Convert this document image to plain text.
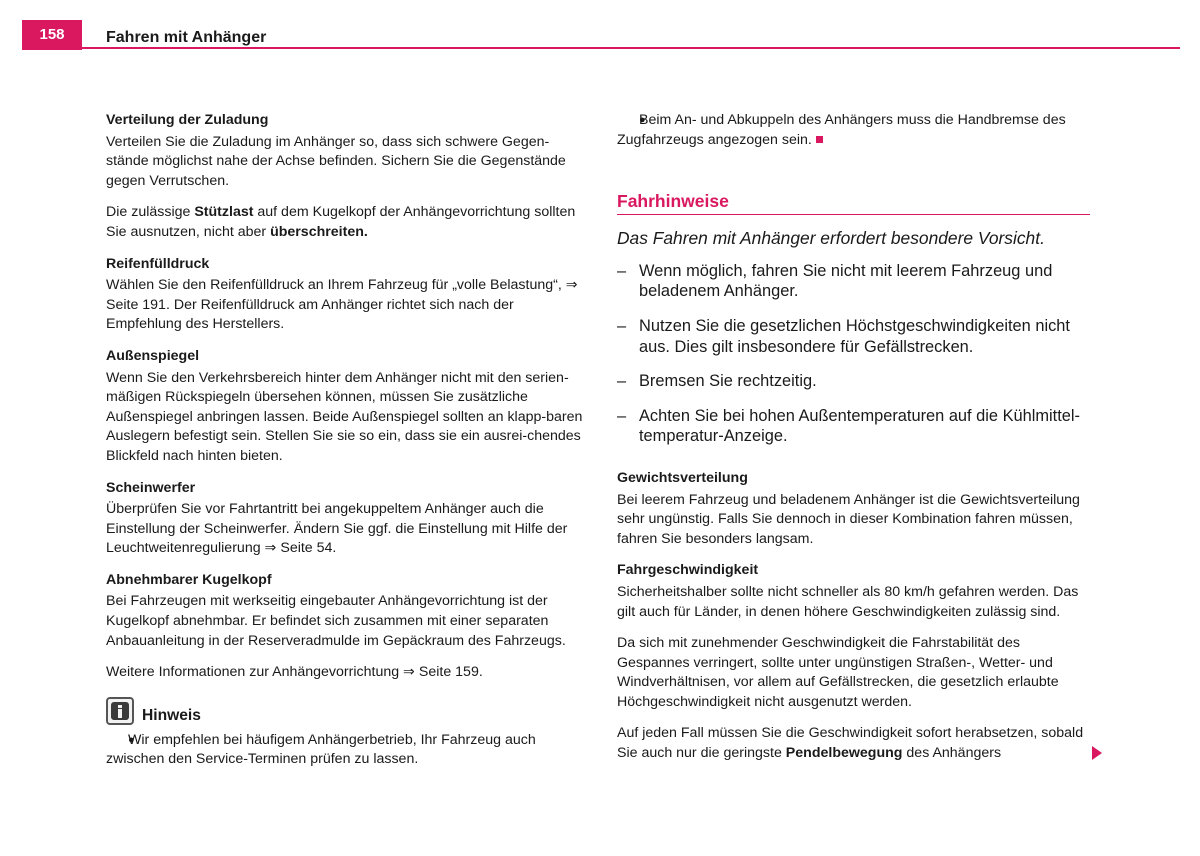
158	Fahren mit Anhänger
Verteilung der Zuladung
Verteilen Sie die Zuladung im Anhänger so, dass sich schwere Gegen-stände möglichst nahe der Achse befinden. Sichern Sie die Gegenstände gegen Verrutschen.
Die zulässige Stützlast auf dem Kugelkopf der Anhängevorrichtung sollten Sie ausnutzen, nicht aber überschreiten.
Reifenfülldruck
Wählen Sie den Reifenfülldruck an Ihrem Fahrzeug für „volle Belastung“, ⇒ Seite 191. Der Reifenfülldruck am Anhänger richtet sich nach der Empfehlung des Herstellers.
Außenspiegel
Wenn Sie den Verkehrsbereich hinter dem Anhänger nicht mit den serien-mäßigen Rückspiegeln übersehen können, müssen Sie zusätzliche Außenspiegel anbringen lassen. Beide Außenspiegel sollten an klapp-baren Auslegern befestigt sein. Stellen Sie sie so ein, dass sie ein ausrei-chendes Blickfeld nach hinten bieten.
Scheinwerfer
Überprüfen Sie vor Fahrtantritt bei angekuppeltem Anhänger auch die Einstellung der Scheinwerfer. Ändern Sie ggf. die Einstellung mit Hilfe der Leuchtweitenregulierung ⇒ Seite 54.
Abnehmbarer Kugelkopf
Bei Fahrzeugen mit werkseitig eingebauter Anhängevorrichtung ist der Kugelkopf abnehmbar. Er befindet sich zusammen mit einer separaten Anbauanleitung in der Reserveradmulde im Gepäckraum des Fahrzeugs.
Weitere Informationen zur Anhängevorrichtung ⇒ Seite 159.
Hinweis
● Wir empfehlen bei häufigem Anhängerbetrieb, Ihr Fahrzeug auch zwischen den Service-Terminen prüfen zu lassen.
● Beim An- und Abkuppeln des Anhängers muss die Handbremse des Zugfahrzeugs angezogen sein.
Fahrhinweise
Das Fahren mit Anhänger erfordert besondere Vorsicht.
– Wenn möglich, fahren Sie nicht mit leerem Fahrzeug und beladenem Anhänger.
– Nutzen Sie die gesetzlichen Höchstgeschwindigkeiten nicht aus. Dies gilt insbesondere für Gefällstrecken.
– Bremsen Sie rechtzeitig.
– Achten Sie bei hohen Außentemperaturen auf die Kühlmittel-temperatur-Anzeige.
Gewichtsverteilung
Bei leerem Fahrzeug und beladenem Anhänger ist die Gewichtsverteilung sehr ungünstig. Falls Sie dennoch in dieser Kombination fahren müssen, fahren Sie besonders langsam.
Fahrgeschwindigkeit
Sicherheitshalber sollte nicht schneller als 80 km/h gefahren werden. Das gilt auch für Länder, in denen höhere Geschwindigkeiten zulässig sind.
Da sich mit zunehmender Geschwindigkeit die Fahrstabilität des Gespannes verringert, sollte unter ungünstigen Straßen-, Wetter- und Windverhältnisen, vor allem auf Gefällstrecken, die gesetzlich erlaubte Höchgeschwindigkeit nicht ausgenutzt werden.
Auf jeden Fall müssen Sie die Geschwindigkeit sofort herabsetzen, sobald Sie auch nur die geringste Pendelbewegung des Anhängers
